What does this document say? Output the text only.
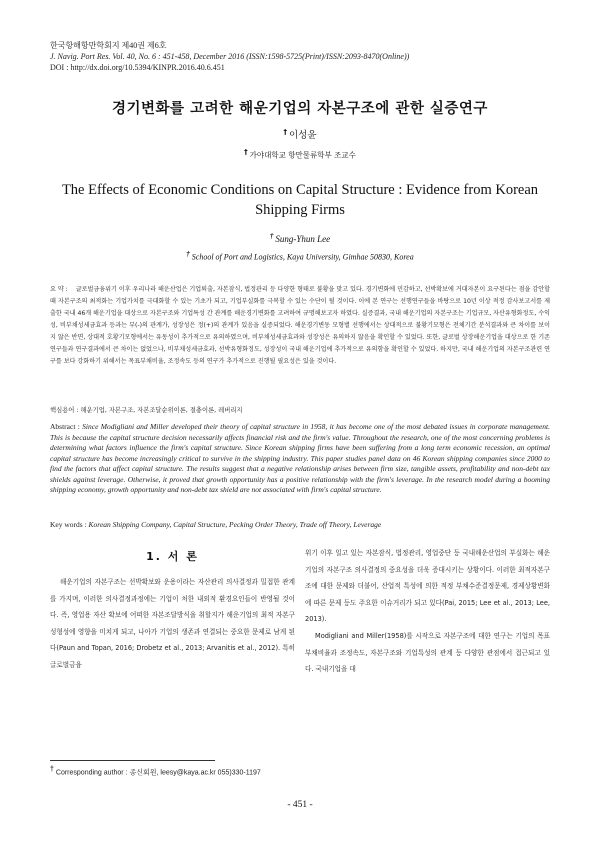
한국항해항만학회지 제40권 제6호
J. Navig. Port Res. Vol. 40, No. 6 : 451-458, December 2016 (ISSN:1598-5725(Print)/ISSN:2093-8470(Online))
DOI : http://dx.doi.org/10.5394/KINPR.2016.40.6.451
경기변화를 고려한 해운기업의 자본구조에 관한 실증연구
† 이성윤
† 가야대학교 항만물류학부 조교수
The Effects of Economic Conditions on Capital Structure : Evidence from Korean Shipping Firms
† Sung-Yhun Lee
† School of Port and Logistics, Kaya University, Gimhae 50830, Korea
요 약 : 글로벌금융위기 이후 우리나라 해운산업은 기업퇴출, 자본잠식, 법정관리 등 다양한 형태로 불황을 맞고 있다. 경기변화에 민감하고, 선박확보에 거대자본이 요구된다는 점을 감안할 때 자본구조의 최적화는 기업가치를 극대화할 수 있는 기초가 되고, 기업부실화를 극복할 수 있는 수단이 될 것이다. 이에 본 연구는 선행연구들을 바탕으로 10년 이상 적정 감사보고서를 제출한 국내 46개 해운기업을 대상으로 자본구조와 기업특성 간 관계를 해운경기변화를 고려하여 규명해보고자 하였다. 실증결과, 국내 해운기업의 자본구조는 기업규모, 자산유형화정도, 수익성, 비부채성세금효과 등과는 부(-)의 관계가, 성장성은 정(+)의 관계가 있음을 실증되었다. 해운경기변동 모형별 선행에서는 상대적으로 불황기모형은 전체기간 분석결과와 큰 차이를 보이지 않은 반면, 상대적 호황기모형에서는 유동성이 추가적으로 유의하였으며, 비부채성세금효과와 성장성은 유의하지 않음을 확인할 수 있었다. 또한, 글로벌 상장해운기업을 대상으로 한 기존연구들과 연구결과에서 큰 차이는 없었으나, 비부채성세금효과, 선박유형화정도, 성장성이 국내 해운기업에 추가적으로 유의함을 확인할 수 있었다. 하지만, 국내 해운기업의 자본구조관련 연구를 보다 강화하기 위해서는 목표부채비율, 조정속도 등의 연구가 추가적으로 진행될 필요성은 있을 것이다.
핵심용어 : 해운기업, 자본구조, 자본조달순위이론, 절충이론, 레버리지
Abstract : Since Modigliani and Miller developed their theory of capital structure in 1958, it has become one of the most debated issues in corporate management. This is because the capital structure decision necessarily affects financial risk and the firm's value. Throughout the research, one of the most concerning problems is determining what factors influence the firm's capital structure. Since Korean shipping firms have been suffering from a long term economic recession, an optimal capital structure has become increasingly critical to survive in the shipping industry. This paper studies panel data on 46 Korean shipping companies since 2000 to find the factors that affect capital structure. The results suggest that a negative relationship arises between firm size, tangible assets, profitability and non-debt tax shields against leverage. Otherwise, it proved that growth opportunity has a positive relationship with the firm's leverage. In the research model during a booming shipping economy, growth opportunity and non-debt tax shield are not associated with firm's capital structure.
Key words : Korean Shipping Company, Capital Structure, Pecking Order Theory, Trade off Theory, Leverage
1. 서 론

해운기업의 자본구조는 선박확보와 운용이라는 자산관리 의사결정과 밀접한 관계를 가지며, 이러한 의사결정과정에는 기업이 처한 내외적 환경요인들이 반영될 것이다. 즉, 영업용 자산 확보에 어떠한 자본조달방식을 취할지가 해운기업의 최적 자본구성형성에 영향을 미치게 되고, 나아가 기업의 생존과 연결되는 중요한 문제로 남게 된다(Paun and Topan, 2016; Drobetz et al., 2013; Arvanitis et al., 2012). 특히 글로벌금융

위기 이후 일고 있는 자본잠식, 법정관리, 영업중단 등 국내해운산업의 부실화는 해운기업의 자본구조 의사결정의 중요성을 더욱 증대시키는 상황이다. 이러한 최적자본구조에 대한 문제와 더불어, 산업적 특성에 의한 적정 부채수준결정문제, 경제상황변화에 따른 문제 등도 주요한 이슈거리가 되고 있다(Pai, 2015; Lee et al., 2013; Lee, 2013).

Modigliani and Miller(1958)를 시작으로 자본구조에 대한 연구는 기업의 목표부채비율과 조정속도, 자본구조와 기업특성의 관계 등 다양한 관점에서 접근되고 있다. 국내기업을 대

† Corresponding author : 종신회원, leesy@kaya.ac.kr 055)330-1197
- 451 -
